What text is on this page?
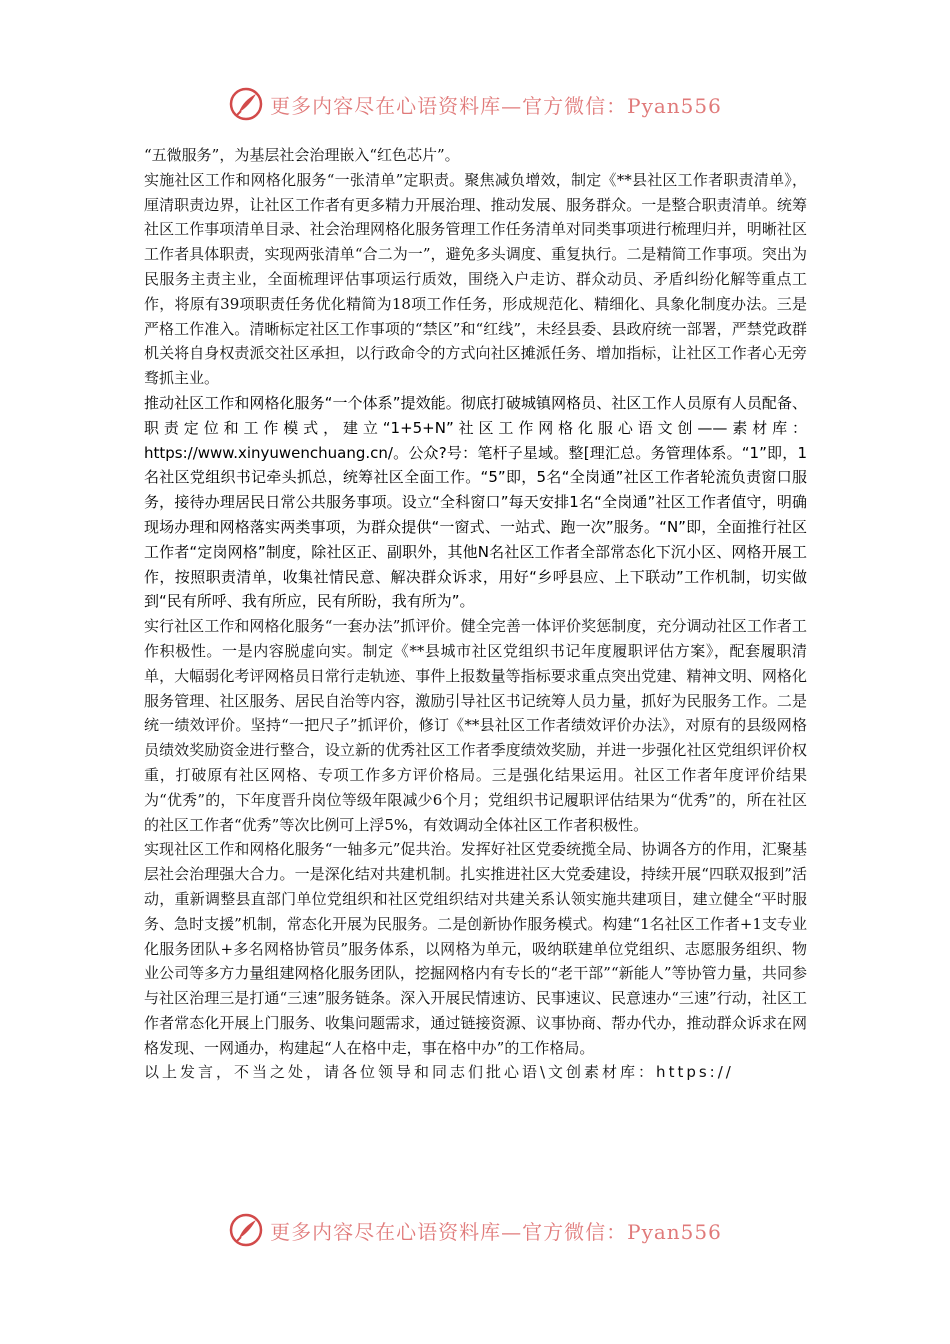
更多内容尽在心语资料库—官方微信：Pyan556

“五微服务”，为基层社会治理嵌入“红色芯片”。

实施社区工作和网格化服务“一张清单”定职责。聚焦减负增效，制定《**县社区工作者职责清单》，厘清职责边界，让社区工作者有更多精力开展治理、推动发展、服务群众。一是整合职责清单。统筹社区工作事项清单目录、社会治理网格化服务管理工作任务清单对同类事项进行梳理归并，明晰社区工作者具体职责，实现两张清单“合二为一”，避免多头调度、重复执行。二是精简工作事项。突出为民服务主责主业，全面梳理评估事项运行质效，围绕入户走访、群众动员、矛盾纠纷化解等重点工作，将原有39项职责任务优化精简为18项工作任务，形成规范化、精细化、具象化制度办法。三是严格工作准入。清晰标定社区工作事项的“禁区”和“红线”，未经县委、县政府统一部署，严禁党政群机关将自身权责派交社区承担，以行政命令的方式向社区摊派任务、增加指标，让社区工作者心无旁骛抓主业。

推动社区工作和网格化服务“一个体系”提效能。彻底打破城镇网格员、社区工作人员原有人员配备、职责定位和工作模式，建立“1+5+N”社区工作网格化服心语文创——素材库：https://www.xinyuwenchuang.cn/。公众?号：笔杆子星域。整[理汇总。务管理体系。“1”即，1名社区党组织书记牵头抓总，统筹社区全面工作。“5”即，5名“全岗通”社区工作者轮流负责窗口服务，接待办理居民日常公共服务事项。设立“全科窗口”每天安排1名“全岗通”社区工作者值守，明确现场办理和网格落实两类事项，为群众提供“一窗式、一站式、跑一次”服务。“N”即，全面推行社区工作者“定岗网格”制度，除社区正、副职外，其他N名社区工作者全部常态化下沉小区、网格开展工作，按照职责清单，收集社情民意、解决群众诉求，用好“乡呼县应、上下联动”工作机制，切实做到“民有所呼、我有所应，民有所盼，我有所为”。

实行社区工作和网格化服务“一套办法”抓评价。健全完善一体评价奖惩制度，充分调动社区工作者工作积极性。一是内容脱虚向实。制定《**县城市社区党组织书记年度履职评估方案》，配套履职清单，大幅弱化考评网格员日常行走轨迹、事件上报数量等指标要求重点突出党建、精神文明、网格化服务管理、社区服务、居民自治等内容，激励引导社区书记统筹人员力量，抓好为民服务工作。二是统一绩效评价。坚持“一把尺子”抓评价，修订《**县社区工作者绩效评价办法》，对原有的县级网格员绩效奖励资金进行整合，设立新的优秀社区工作者季度绩效奖励，并进一步强化社区党组织评价权重，打破原有社区网格、专项工作多方评价格局。三是强化结果运用。社区工作者年度评价结果为“优秀”的，下年度晋升岗位等级年限减少6个月；党组织书记履职评估结果为“优秀”的，所在社区的社区工作者“优秀”等次比例可上浮5%，有效调动全体社区工作者积极性。

实现社区工作和网格化服务“一轴多元”促共治。发挥好社区党委统揽全局、协调各方的作用，汇聚基层社会治理强大合力。一是深化结对共建机制。扎实推进社区大党委建设，持续开展“四联双报到”活动，重新调整县直部门单位党组织和社区党组织结对共建关系认领实施共建项目，建立健全“平时服务、急时支援”机制，常态化开展为民服务。二是创新协作服务模式。构建“1名社区工作者+1支专业化服务团队+多名网格协管员”服务体系，以网格为单元，吸纳联建单位党组织、志愿服务组织、物业公司等多方力量组建网格化服务团队，挖掘网格内有专长的“老干部”“新能人”等协管力量，共同参与社区治理三是打通“三速”服务链条。深入开展民情速访、民事速议、民意速办“三速”行动，社区工作者常态化开展上门服务、收集问题需求，通过链接资源、议事协商、帮办代办，推动群众诉求在网格发现、一网通办，构建起“人在格中走，事在格中办”的工作格局。

以上发言，不当之处，请各位领导和同志们批心语\文创素材库：https://

更多内容尽在心语资料库—官方微信：Pyan556
